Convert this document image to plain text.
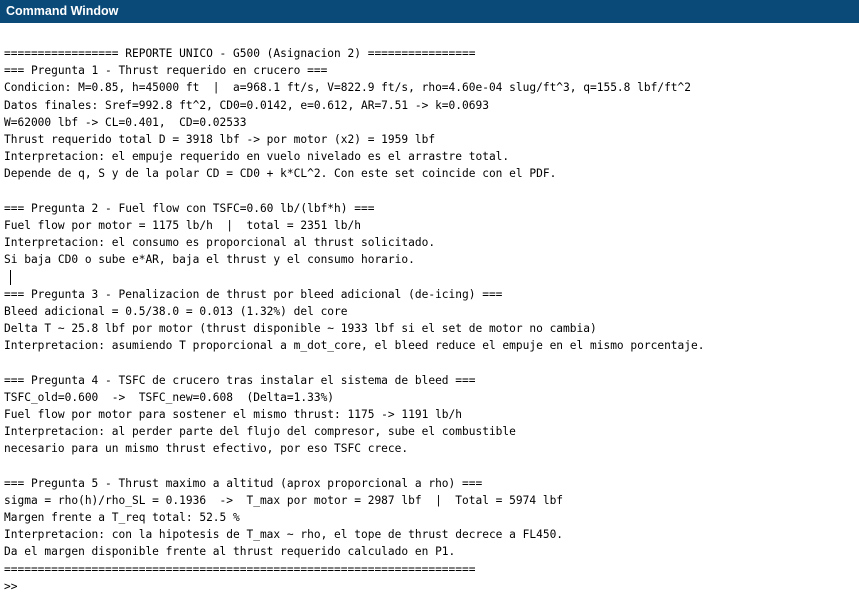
Command Window
================= REPORTE UNICO - G500 (Asignacion 2) ================
=== Pregunta 1 - Thrust requerido en crucero ===
Condicion: M=0.85, h=45000 ft  |  a=968.1 ft/s, V=822.9 ft/s, rho=4.60e-04 slug/ft^3, q=155.8 lbf/ft^2
Datos finales: Sref=992.8 ft^2, CD0=0.0142, e=0.612, AR=7.51 -> k=0.0693
W=62000 lbf -> CL=0.401,  CD=0.02533
Thrust requerido total D = 3918 lbf -> por motor (x2) = 1959 lbf
Interpretacion: el empuje requerido en vuelo nivelado es el arrastre total.
Depende de q, S y de la polar CD = CD0 + k*CL^2. Con este set coincide con el PDF.
=== Pregunta 2 - Fuel flow con TSFC=0.60 lb/(lbf*h) ===
Fuel flow por motor = 1175 lb/h  |  total = 2351 lb/h
Interpretacion: el consumo es proporcional al thrust solicitado.
Si baja CD0 o sube e*AR, baja el thrust y el consumo horario.
=== Pregunta 3 - Penalizacion de thrust por bleed adicional (de-icing) ===
Bleed adicional = 0.5/38.0 = 0.013 (1.32%) del core
Delta T ~ 25.8 lbf por motor (thrust disponible ~ 1933 lbf si el set de motor no cambia)
Interpretacion: asumiendo T proporcional a m_dot_core, el bleed reduce el empuje en el mismo porcentaje.
=== Pregunta 4 - TSFC de crucero tras instalar el sistema de bleed ===
TSFC_old=0.600  ->  TSFC_new=0.608  (Delta=1.33%)
Fuel flow por motor para sostener el mismo thrust: 1175 -> 1191 lb/h
Interpretacion: al perder parte del flujo del compresor, sube el combustible
necesario para un mismo thrust efectivo, por eso TSFC crece.
=== Pregunta 5 - Thrust maximo a altitud (aprox proporcional a rho) ===
sigma = rho(h)/rho_SL = 0.1936  ->  T_max por motor = 2987 lbf  |  Total = 5974 lbf
Margen frente a T_req total: 52.5 %
Interpretacion: con la hipotesis de T_max ~ rho, el tope de thrust decrece a FL450.
Da el margen disponible frente al thrust requerido calculado en P1.
======================================================================
>>
